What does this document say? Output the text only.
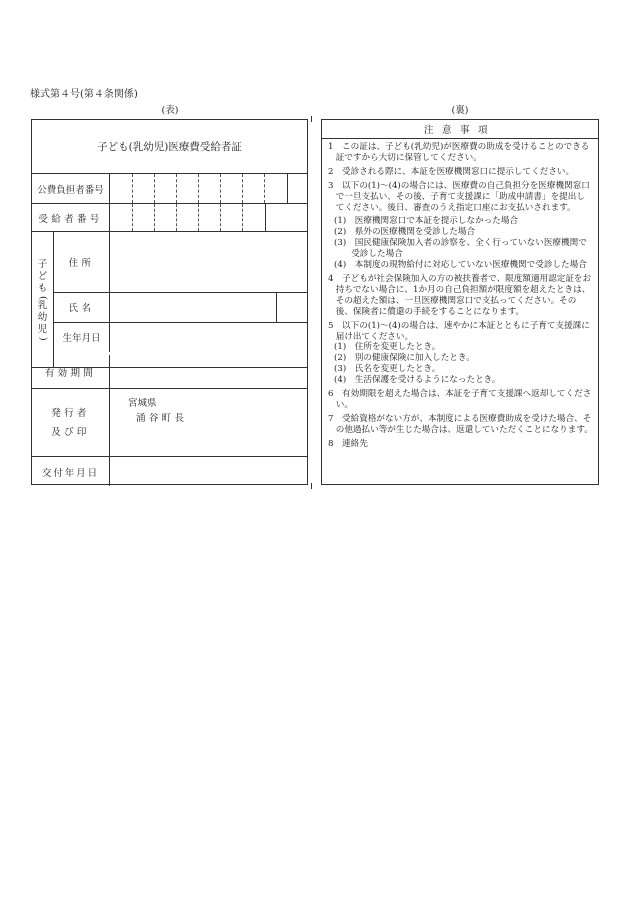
様式第４号(第４条関係)
(表)	(裏)
子ども(乳幼児)医療費受給者証
公費負担者番号
受給者番号
子
ど
も
(
乳
幼
児
)
住所
氏名
生年月日
有効期間
発行者
及び印
宮城県
涌谷町長
交付年月日
注意事項
1　この証は、子ども(乳幼児)が医療費の助成を受けることのできる証ですから大切に保管してください。
2　受診される際に、本証を医療機関窓口に提示してください。
3　以下の(1)～(4)の場合には、医療費の自己負担分を医療機関窓口で一旦支払い、その後、子育て支援課に「助成申請書」を提出してください。後日、審査のうえ指定口座にお支払いされます。
(1)　医療機関窓口で本証を提示しなかった場合
(2)　県外の医療機関を受診した場合
(3)　国民健康保険加入者の診察を、全く行っていない医療機関で受診した場合
(4)　本制度の現物給付に対応していない医療機関で受診した場合
4　子どもが社会保険加入の方の被扶養者で、限度額適用認定証をお持ちでない場合に、1か月の自己負担額が限度額を超えたときは、その超えた額は、一旦医療機関窓口で支払ってください。その後、保険者に償還の手続をすることになります。
5　以下の(1)～(4)の場合は、速やかに本証とともに子育て支援課に届け出てください。
(1)　住所を変更したとき。
(2)　別の健康保険に加入したとき。
(3)　氏名を変更したとき。
(4)　生活保護を受けるようになったとき。
6　有効期限を超えた場合は、本証を子育て支援課へ返却してください。
7　受給資格がない方が、本制度による医療費助成を受けた場合、その他過払い等が生じた場合は、返還していただくことになります。
8　連絡先
